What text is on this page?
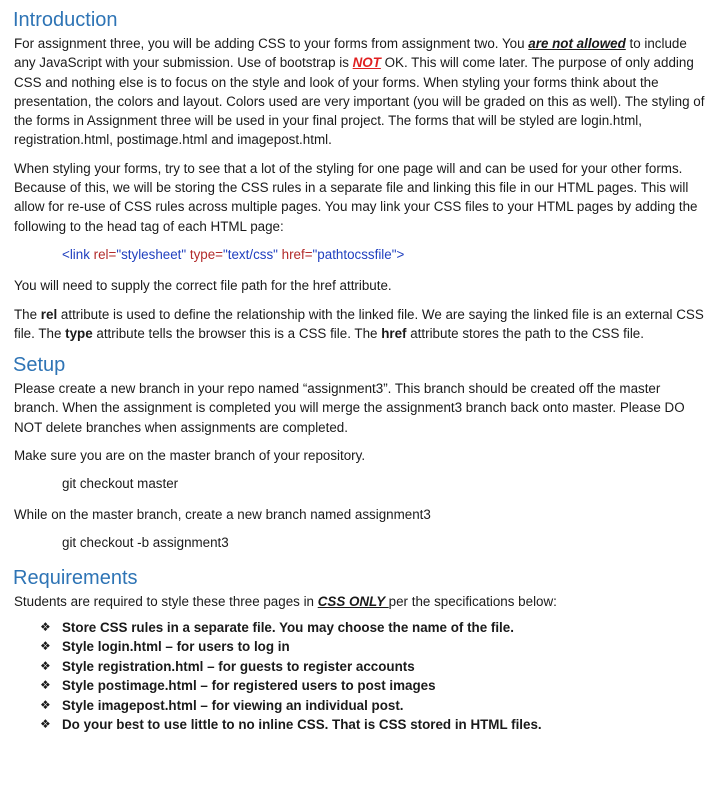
Introduction

For assignment three, you will be adding CSS to your forms from assignment two. You are not allowed to include any JavaScript with your submission. Use of bootstrap is NOT OK. This will come later. The purpose of only adding CSS and nothing else is to focus on the style and look of your forms. When styling your forms think about the presentation, the colors and layout. Colors used are very important (you will be graded on this as well). The styling of the forms in Assignment three will be used in your final project. The forms that will be styled are login.html, registration.html, postimage.html and imagepost.html.

When styling your forms, try to see that a lot of the styling for one page will and can be used for your other forms. Because of this, we will be storing the CSS rules in a separate file and linking this file in our HTML pages. This will allow for re-use of CSS rules across multiple pages. You may link your CSS files to your HTML pages by adding the following to the head tag of each HTML page:

<link rel="stylesheet" type="text/css" href="pathtocssfile">

You will need to supply the correct file path for the href attribute.

The rel attribute is used to define the relationship with the linked file. We are saying the linked file is an external CSS file. The type attribute tells the browser this is a CSS file. The href attribute stores the path to the CSS file.

Setup

Please create a new branch in your repo named “assignment3”. This branch should be created off the master branch. When the assignment is completed you will merge the assignment3 branch back onto master. Please DO NOT delete branches when assignments are completed.

Make sure you are on the master branch of your repository.

git checkout master

While on the master branch, create a new branch named assignment3

git checkout -b assignment3
Requirements

Students are required to style these three pages in CSS ONLY per the specifications below:

❖ Store CSS rules in a separate file. You may choose the name of the file.
❖ Style login.html – for users to log in
❖ Style registration.html – for guests to register accounts
❖ Style postimage.html – for registered users to post images
❖ Style imagepost.html – for viewing an individual post.
❖ Do your best to use little to no inline CSS. That is CSS stored in HTML files.
